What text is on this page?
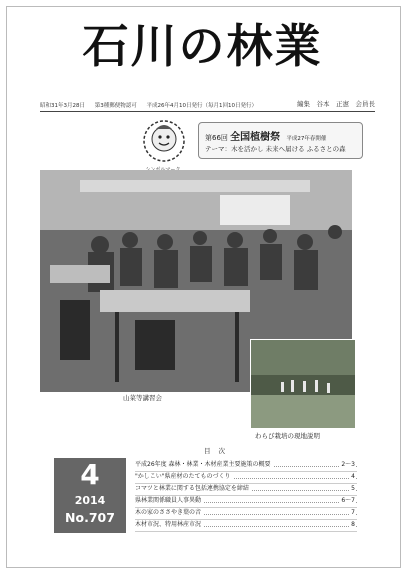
石川の林業
昭和31年3月28日 第3種郵便物認可 平成26年4月10日発行（毎月1回10日発行）	編集　谷本　正憲　会員長
第66回 全国植樹祭 平成27年春開催
テーマ：木を活かし 未来へ届ける ふるさとの森
山菜等講習会
わらび栽培の現地説明
目次
4
2014
No.707
平成26年度 森林・林業・木材産業主要施策の概要	2～3
"かしこい"県産材のたてものづくり	4
コマツと林業に関する包括連携協定を締結	5
県林業関係職員人事異動	6～7
木の家のささやき葉の音	7
木材市況、特用林産市況	8
